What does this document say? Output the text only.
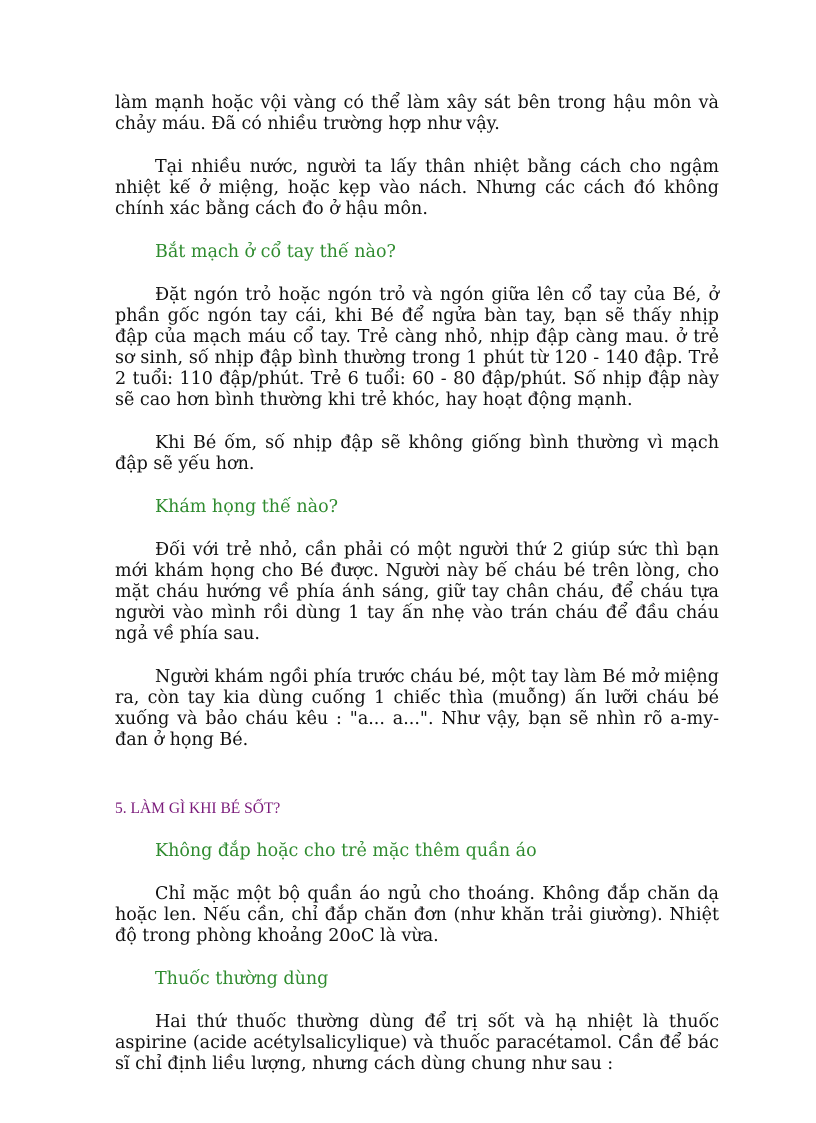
làm mạnh hoặc vội vàng có thể làm xây sát bên trong hậu môn và chảy máu. Đã có nhiều trường hợp như vậy.

Tại nhiều nước, người ta lấy thân nhiệt bằng cách cho ngậm nhiệt kế ở miệng, hoặc kẹp vào nách. Nhưng các cách đó không chính xác bằng cách đo ở hậu môn.

Bắt mạch ở cổ tay thế nào?

Đặt ngón trỏ hoặc ngón trỏ và ngón giữa lên cổ tay của Bé, ở phần gốc ngón tay cái, khi Bé để ngửa bàn tay, bạn sẽ thấy nhịp đập của mạch máu cổ tay. Trẻ càng nhỏ, nhịp đập càng mau. ở trẻ sơ sinh, số nhịp đập bình thường trong 1 phút từ 120 - 140 đập. Trẻ 2 tuổi: 110 đập/phút. Trẻ 6 tuổi: 60 - 80 đập/phút. Số nhịp đập này sẽ cao hơn bình thường khi trẻ khóc, hay hoạt động mạnh.

Khi Bé ốm, số nhịp đập sẽ không giống bình thường vì mạch đập sẽ yếu hơn.

Khám họng thế nào?

Đối với trẻ nhỏ, cần phải có một người thứ 2 giúp sức thì bạn mới khám họng cho Bé được. Người này bế cháu bé trên lòng, cho mặt cháu hướng về phía ánh sáng, giữ tay chân cháu, để cháu tựa người vào mình rồi dùng 1 tay ấn nhẹ vào trán cháu để đầu cháu ngả về phía sau.

Người khám ngồi phía trước cháu bé, một tay làm Bé mở miệng ra, còn tay kia dùng cuống 1 chiếc thìa (muỗng) ấn lưỡi cháu bé xuống và bảo cháu kêu : "a... a...". Như vậy, bạn sẽ nhìn rõ a-my-đan ở họng Bé.

5. LÀM GÌ KHI BÉ SỐT?

Không đắp hoặc cho trẻ mặc thêm quần áo

Chỉ mặc một bộ quần áo ngủ cho thoáng. Không đắp chăn dạ hoặc len. Nếu cần, chỉ đắp chăn đơn (như khăn trải giường). Nhiệt độ trong phòng khoảng 20oC là vừa.

Thuốc thường dùng

Hai thứ thuốc thường dùng để trị sốt và hạ nhiệt là thuốc aspirine (acide acétylsalicylique) và thuốc paracétamol. Cần để bác sĩ chỉ định liều lượng, nhưng cách dùng chung như sau :
